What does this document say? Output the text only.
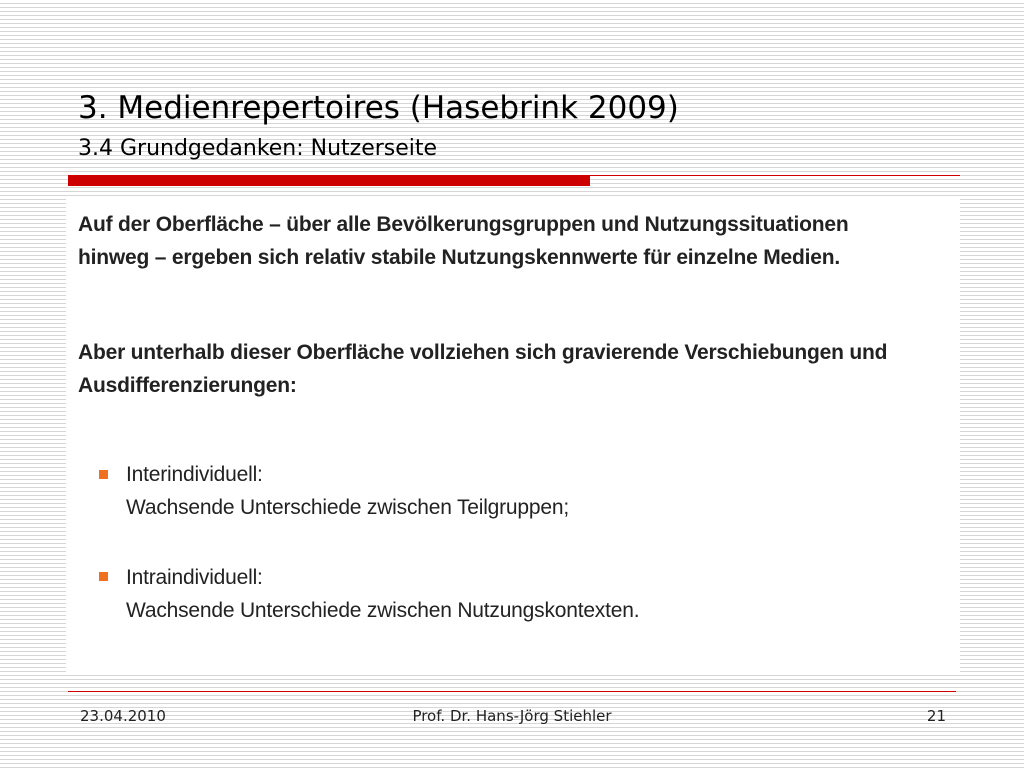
3. Medienrepertoires (Hasebrink 2009)
3.4 Grundgedanken: Nutzerseite

Auf der Oberfläche – über alle Bevölkerungsgruppen und Nutzungssituationen
hinweg – ergeben sich relativ stabile Nutzungskennwerte für einzelne Medien.

Aber unterhalb dieser Oberfläche vollziehen sich gravierende Verschiebungen und
Ausdifferenzierungen:

Interindividuell:
Wachsende Unterschiede zwischen Teilgruppen;

Intraindividuell:
Wachsende Unterschiede zwischen Nutzungskontexten.

23.04.2010	Prof. Dr. Hans-Jörg Stiehler	21
